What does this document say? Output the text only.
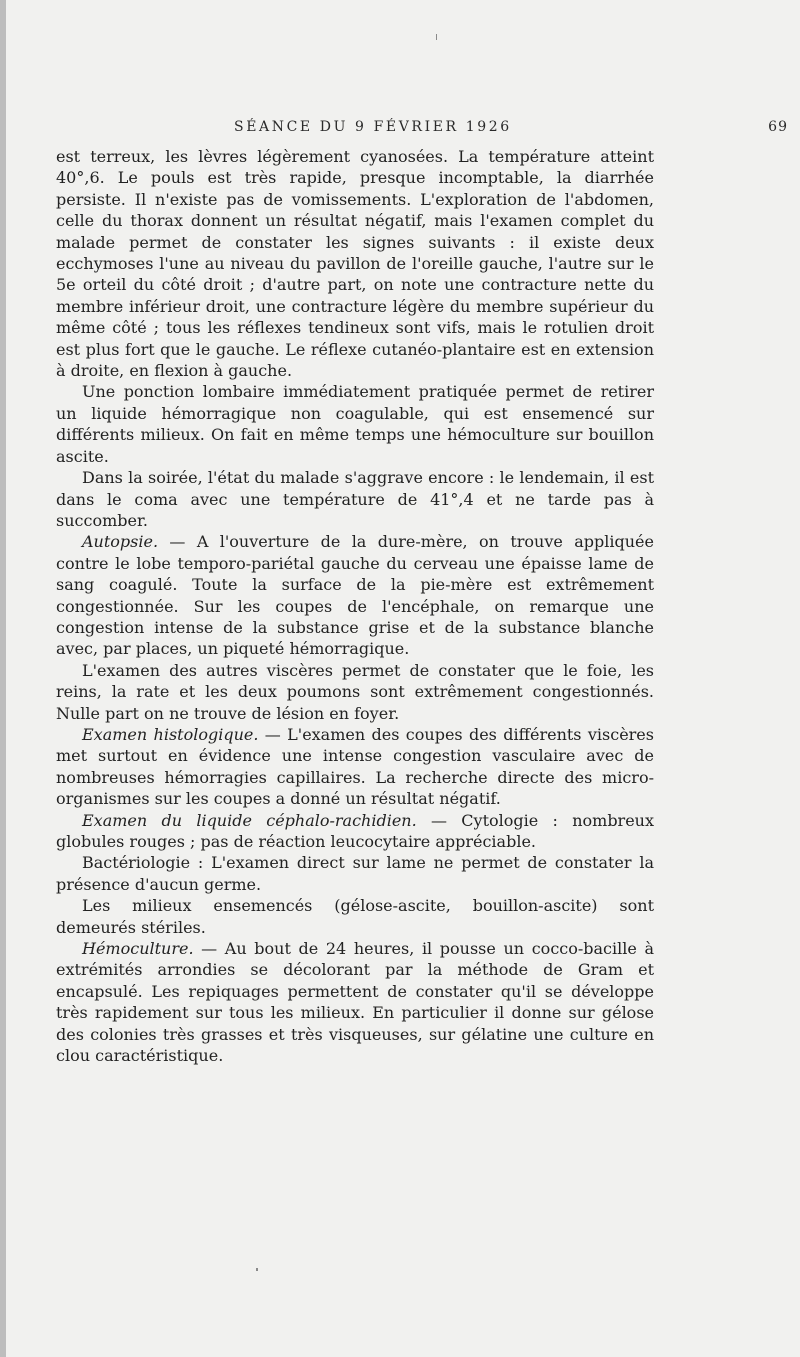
SÉANCE DU 9 FÉVRIER 1926	69

est terreux, les lèvres légèrement cyanosées. La température atteint 40°,6. Le pouls est très rapide, presque incomptable, la diarrhée persiste. Il n'existe pas de vomissements. L'exploration de l'abdomen, celle du thorax donnent un résultat négatif, mais l'examen complet du malade permet de constater les signes suivants : il existe deux ecchymoses l'une au niveau du pavillon de l'oreille gauche, l'autre sur le 5e orteil du côté droit ; d'autre part, on note une contracture nette du membre inférieur droit, une contracture légère du membre supérieur du même côté ; tous les réflexes tendineux sont vifs, mais le rotulien droit est plus fort que le gauche. Le réflexe cutanéo-plantaire est en extension à droite, en flexion à gauche.

Une ponction lombaire immédiatement pratiquée permet de retirer un liquide hémorragique non coagulable, qui est ensemencé sur différents milieux. On fait en même temps une hémoculture sur bouillon ascite.

Dans la soirée, l'état du malade s'aggrave encore : le lendemain, il est dans le coma avec une température de 41°,4 et ne tarde pas à succomber.

Autopsie. — A l'ouverture de la dure-mère, on trouve appliquée contre le lobe temporo-pariétal gauche du cerveau une épaisse lame de sang coagulé. Toute la surface de la pie-mère est extrêmement congestionnée. Sur les coupes de l'encéphale, on remarque une congestion intense de la substance grise et de la substance blanche avec, par places, un piqueté hémorragique.

L'examen des autres viscères permet de constater que le foie, les reins, la rate et les deux poumons sont extrêmement congestionnés. Nulle part on ne trouve de lésion en foyer.

Examen histologique. — L'examen des coupes des différents viscères met surtout en évidence une intense congestion vasculaire avec de nombreuses hémorragies capillaires. La recherche directe des micro-organismes sur les coupes a donné un résultat négatif.

Examen du liquide céphalo-rachidien. — Cytologie : nombreux globules rouges ; pas de réaction leucocytaire appréciable.

Bactériologie : L'examen direct sur lame ne permet de constater la présence d'aucun germe.

Les milieux ensemencés (gélose-ascite, bouillon-ascite) sont demeurés stériles.

Hémoculture. — Au bout de 24 heures, il pousse un cocco-bacille à extrémités arrondies se décolorant par la méthode de Gram et encapsulé. Les repiquages permettent de constater qu'il se développe très rapidement sur tous les milieux. En particulier il donne sur gélose des colonies très grasses et très visqueuses, sur gélatine une culture en clou caractéristique.
